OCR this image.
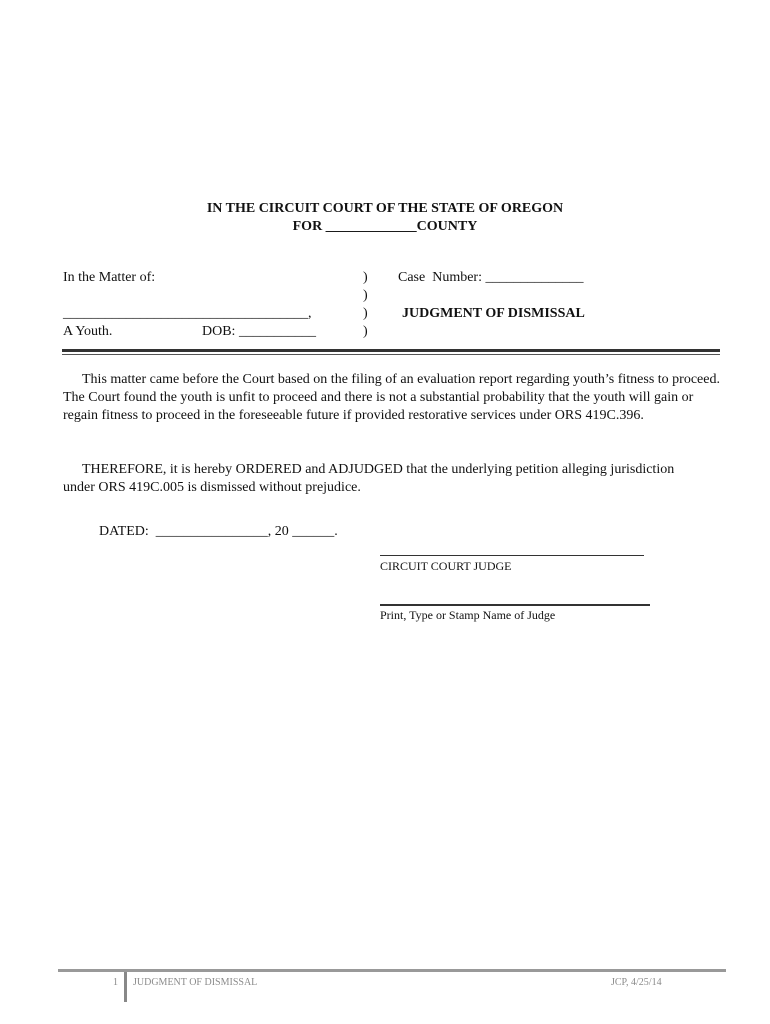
IN THE CIRCUIT COURT OF THE STATE OF OREGON
FOR _____________COUNTY
In the Matter of:
___________________________________,
A Youth.	DOB: ___________
)
)
)
)
Case  Number: ______________
JUDGMENT OF DISMISSAL
This matter came before the Court based on the filing of an evaluation report regarding youth’s fitness to proceed. The Court found the youth is unfit to proceed and there is not a substantial probability that the youth will gain or regain fitness to proceed in the foreseeable future if provided restorative services under ORS 419C.396.
THEREFORE, it is hereby ORDERED and ADJUDGED that the underlying petition alleging jurisdiction under ORS 419C.005 is dismissed without prejudice.
DATED:  ________________, 20 ______.
CIRCUIT COURT JUDGE
Print, Type or Stamp Name of Judge
1 JUDGMENT OF DISMISSAL	JCP, 4/25/14
